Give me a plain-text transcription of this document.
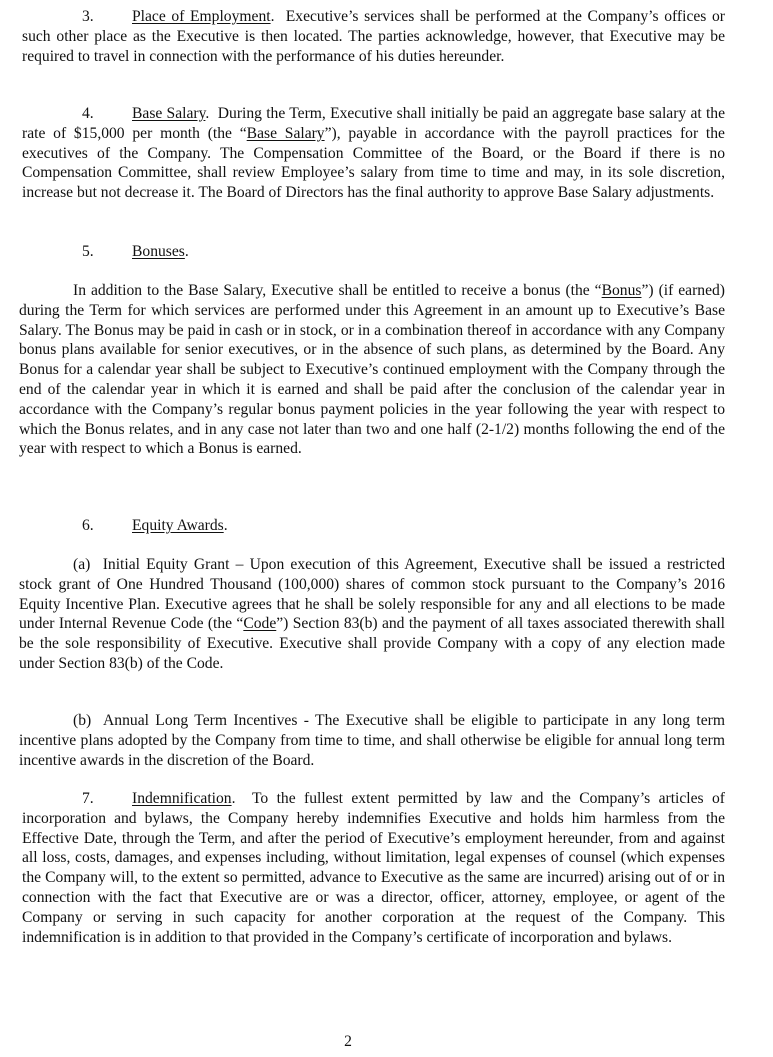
3. Place of Employment. Executive’s services shall be performed at the Company’s offices or such other place as the Executive is then located. The parties acknowledge, however, that Executive may be required to travel in connection with the performance of his duties hereunder.

4. Base Salary. During the Term, Executive shall initially be paid an aggregate base salary at the rate of $15,000 per month (the “Base Salary”), payable in accordance with the payroll practices for the executives of the Company. The Compensation Committee of the Board, or the Board if there is no Compensation Committee, shall review Employee’s salary from time to time and may, in its sole discretion, increase but not decrease it. The Board of Directors has the final authority to approve Base Salary adjustments.

5. Bonuses.

In addition to the Base Salary, Executive shall be entitled to receive a bonus (the “Bonus”) (if earned) during the Term for which services are performed under this Agreement in an amount up to Executive’s Base Salary. The Bonus may be paid in cash or in stock, or in a combination thereof in accordance with any Company bonus plans available for senior executives, or in the absence of such plans, as determined by the Board. Any Bonus for a calendar year shall be subject to Executive’s continued employment with the Company through the end of the calendar year in which it is earned and shall be paid after the conclusion of the calendar year in accordance with the Company’s regular bonus payment policies in the year following the year with respect to which the Bonus relates, and in any case not later than two and one half (2-1/2) months following the end of the year with respect to which a Bonus is earned.

6. Equity Awards.

(a) Initial Equity Grant – Upon execution of this Agreement, Executive shall be issued a restricted stock grant of One Hundred Thousand (100,000) shares of common stock pursuant to the Company’s 2016 Equity Incentive Plan. Executive agrees that he shall be solely responsible for any and all elections to be made under Internal Revenue Code (the “Code”) Section 83(b) and the payment of all taxes associated therewith shall be the sole responsibility of Executive. Executive shall provide Company with a copy of any election made under Section 83(b) of the Code.

(b) Annual Long Term Incentives - The Executive shall be eligible to participate in any long term incentive plans adopted by the Company from time to time, and shall otherwise be eligible for annual long term incentive awards in the discretion of the Board.

7. Indemnification. To the fullest extent permitted by law and the Company’s articles of incorporation and bylaws, the Company hereby indemnifies Executive and holds him harmless from the Effective Date, through the Term, and after the period of Executive’s employment hereunder, from and against all loss, costs, damages, and expenses including, without limitation, legal expenses of counsel (which expenses the Company will, to the extent so permitted, advance to Executive as the same are incurred) arising out of or in connection with the fact that Executive are or was a director, officer, attorney, employee, or agent of the Company or serving in such capacity for another corporation at the request of the Company. This indemnification is in addition to that provided in the Company’s certificate of incorporation and bylaws.

2
